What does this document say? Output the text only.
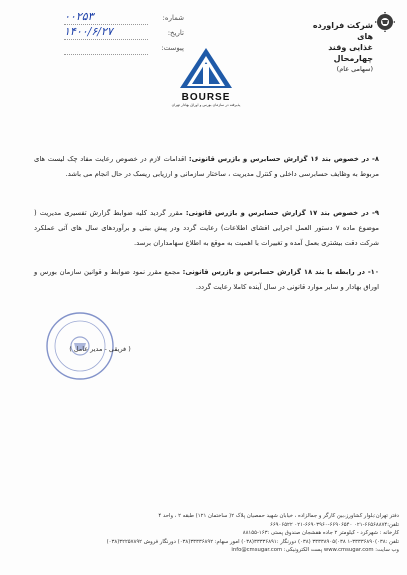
شرکت فراورده های
غذایی وقند
چهارمحال
(سهامی عام)
شماره:
۰۰۲۵۳
تاریخ:
۱۴۰۰/۶/۲۷
پیوست:
BOURSE
پذیرفته در سازمان بورس و اوراق بهادار تهران
۸- در خصوص بند ۱۶ گزارش حسابرس و بازرس قانونی: اقدامات لازم در خصوص رعایت مفاد چک لیست های مربوط به وظایف حسابرسی داخلی و کنترل مدیریت ، ساختار سازمانی و ارزیابی ریسک در حال انجام می باشد.
۹- در خصوص بند ۱۷ گزارش حسابرس و بازرس قانونی: مقرر گردید کلیه ضوابط گزارش تفسیری مدیریت ( موضوع ماده ۷ دستور العمل اجرایی افشای اطلاعات) رعایت گردد ودر پیش بینی و برآوردهای سال های آتی عملکرد شرکت دقت بیشتری بعمل آمده و تغییرات با اهمیت به موقع به اطلاع سهامداران برسد.
۱۰- در رابطه با بند ۱۸ گزارش حسابرس و بازرس قانونی: مجمع مقرر نمود ضوابط و قوانین سازمان بورس و اوراق بهادار و سایر موارد قانونی در سال آینده کاملا رعایت گردد.
( فریقی - مدیر عامل )
دفتر تهران:بلوار کشاورز،بین کارگر و جمالزاده ، خیابان شهید حمصیان پلاک ۲( ساختمان ۱۲۱) طبقه ۲ ، واحد ۴
تلفن:۶۶۵۶۸۸۷۴-۰۲۱ ۶۶۹۰۶۵۴۰-۶۶۹۰۳۹۶۰-۰۲۱ ۶۶۹۰۶۵۲۲
کارخانه : شهرکرد - کیلومتر ۲ جاده هفشجان صندوق پستی :۱۶۳-۸۸۱۵۵
تلفن :۰۳۸)۳۳۳۳۶۸۹۰-۱ ۰۳۸)۳۳۳۳۸۹۰۵ (۰۳۸) دورنگار :۳۳۳۳۶۸۹۱(۰۳۸) امور سهام: ۳۳۳۳۶۸۹۲(۰۳۸) دورنگار فروش ۳۲۲۵۷۸۹۲(۰۳۸)
وب سایت: www.cmsugar.com پست الکترونیکی: info@cmsugar.com
